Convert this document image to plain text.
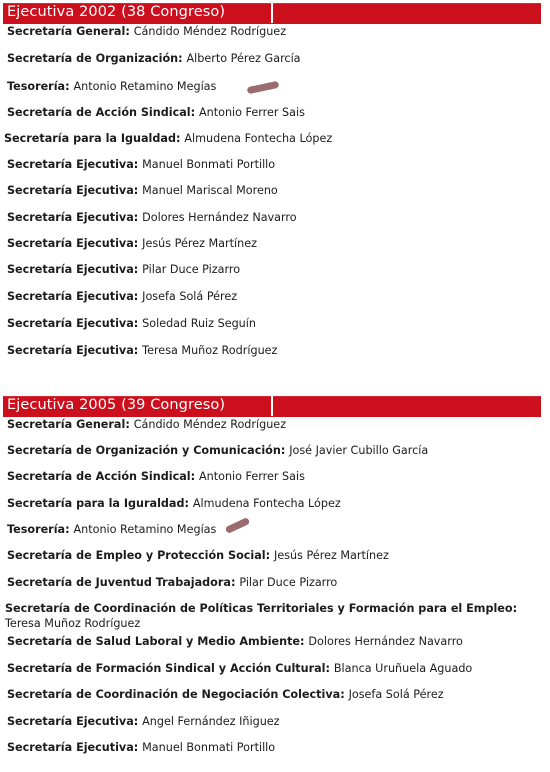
Ejecutiva 2002 (38 Congreso)
Secretaría General: Cándido Méndez Rodríguez
Secretaría de Organización: Alberto Pérez García
Tesorería: Antonio Retamino Megías
Secretaría de Acción Sindical: Antonio Ferrer Sais
Secretaría para la Igualdad: Almudena Fontecha López
Secretaría Ejecutiva: Manuel Bonmati Portillo
Secretaría Ejecutiva: Manuel Mariscal Moreno
Secretaría Ejecutiva: Dolores Hernández Navarro
Secretaría Ejecutiva: Jesús Pérez Martínez
Secretaría Ejecutiva: Pilar Duce Pizarro
Secretaría Ejecutiva: Josefa Solá Pérez
Secretaría Ejecutiva: Soledad Ruiz Seguín
Secretaría Ejecutiva: Teresa Muñoz Rodríguez
Ejecutiva 2005 (39 Congreso)
Secretaría General: Cándido Méndez Rodríguez
Secretaría de Organización y Comunicación: José Javier Cubillo García
Secretaría de Acción Sindical: Antonio Ferrer Sais
Secretaría para la Iguraldad: Almudena Fontecha López
Tesorería: Antonio Retamino Megías
Secretaría de Empleo y Protección Social: Jesús Pérez Martínez
Secretaría de Juventud Trabajadora: Pilar Duce Pizarro
Secretaría de Coordinación de Políticas Territoriales y Formación para el Empleo: Teresa Muñoz Rodríguez
Secretaría de Salud Laboral y Medio Ambiente: Dolores Hernández Navarro
Secretaría de Formación Sindical y Acción Cultural: Blanca Uruñuela Aguado
Secretaría de Coordinación de Negociación Colectiva: Josefa Solá Pérez
Secretaría Ejecutiva: Angel Fernández Iñiguez
Secretaría Ejecutiva: Manuel Bonmati Portillo
